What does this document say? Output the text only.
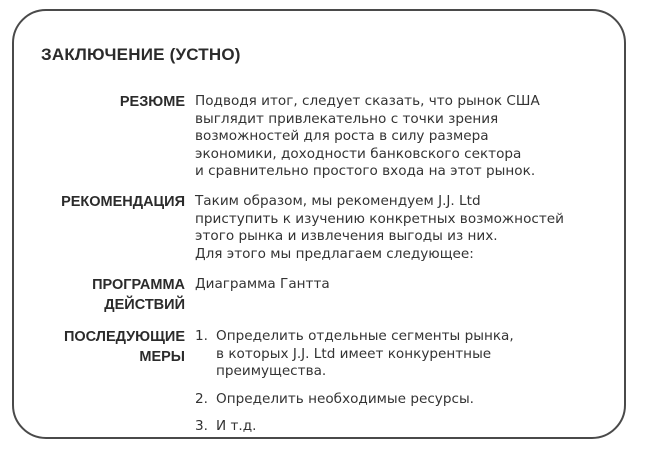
ЗАКЛЮЧЕНИЕ (УСТНО)
РЕЗЮМЕ Подводя итог, следует сказать, что рынок США
выглядит привлекательно с точки зрения
возможностей для роста в силу размера
экономики, доходности банковского сектора
и сравнительно простого входа на этот рынок.
РЕКОМЕНДАЦИЯ Таким образом, мы рекомендуем J.J. Ltd
приступить к изучению конкретных возможностей
этого рынка и извлечения выгоды из них.
Для этого мы предлагаем следующее:
ПРОГРАММА
ДЕЙСТВИЙ
Диаграмма Гантта
ПОСЛЕДУЮЩИЕ
МЕРЫ
1. Определить отдельные сегменты рынка,
в которых J.J. Ltd имеет конкурентные
преимущества.
2. Определить необходимые ресурсы.
3. И т.д.
